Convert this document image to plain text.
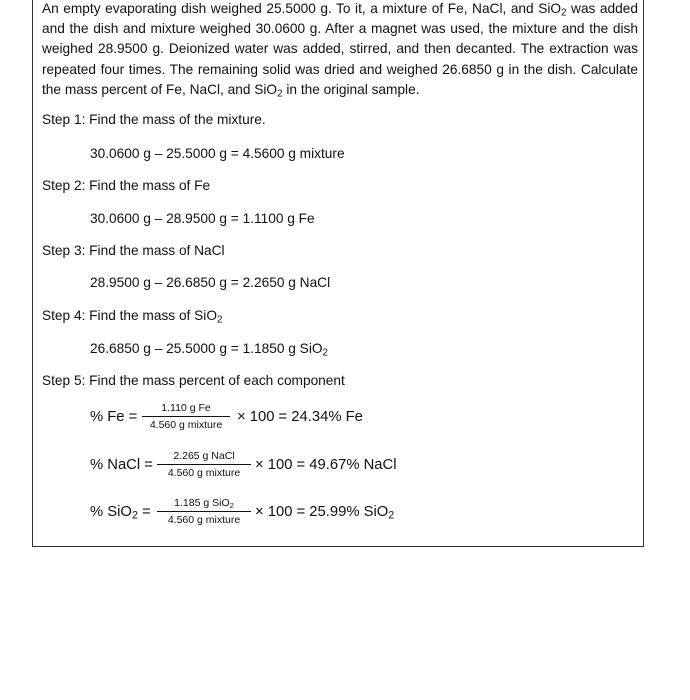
An empty evaporating dish weighed 25.5000 g. To it, a mixture of Fe, NaCl, and SiO$_2$ was added and the dish and mixture weighed 30.0600 g. After a magnet was used, the mixture and the dish weighed 28.9500 g. Deionized water was added, stirred, and then decanted. The extraction was repeated four times. The remaining solid was dried and weighed 26.6850 g in the dish. Calculate the mass percent of Fe, NaCl, and SiO$_2$ in the original sample.

Step 1: Find the mass of the mixture.
30.0600 g – 25.5000 g = 4.5600 g mixture
Step 2: Find the mass of Fe
30.0600 g – 28.9500 g = 1.1100 g Fe
Step 3: Find the mass of NaCl
28.9500 g – 26.6850 g = 2.2650 g NaCl
Step 4: Find the mass of SiO$_2$
26.6850 g – 25.5000 g = 1.1850 g SiO$_2$
Step 5: Find the mass percent of each component
% Fe =
1.110 g Fe
4.560 g mixture	× 100 = 24.34% Fe
% NaCl =
2.265 g NaCl
4.560 g mixture	× 100 = 49.67% NaCl
% SiO$_2$ =
1.185 g SiO$_2$
4.560 g mixture	× 100 = 25.99% SiO$_2$
